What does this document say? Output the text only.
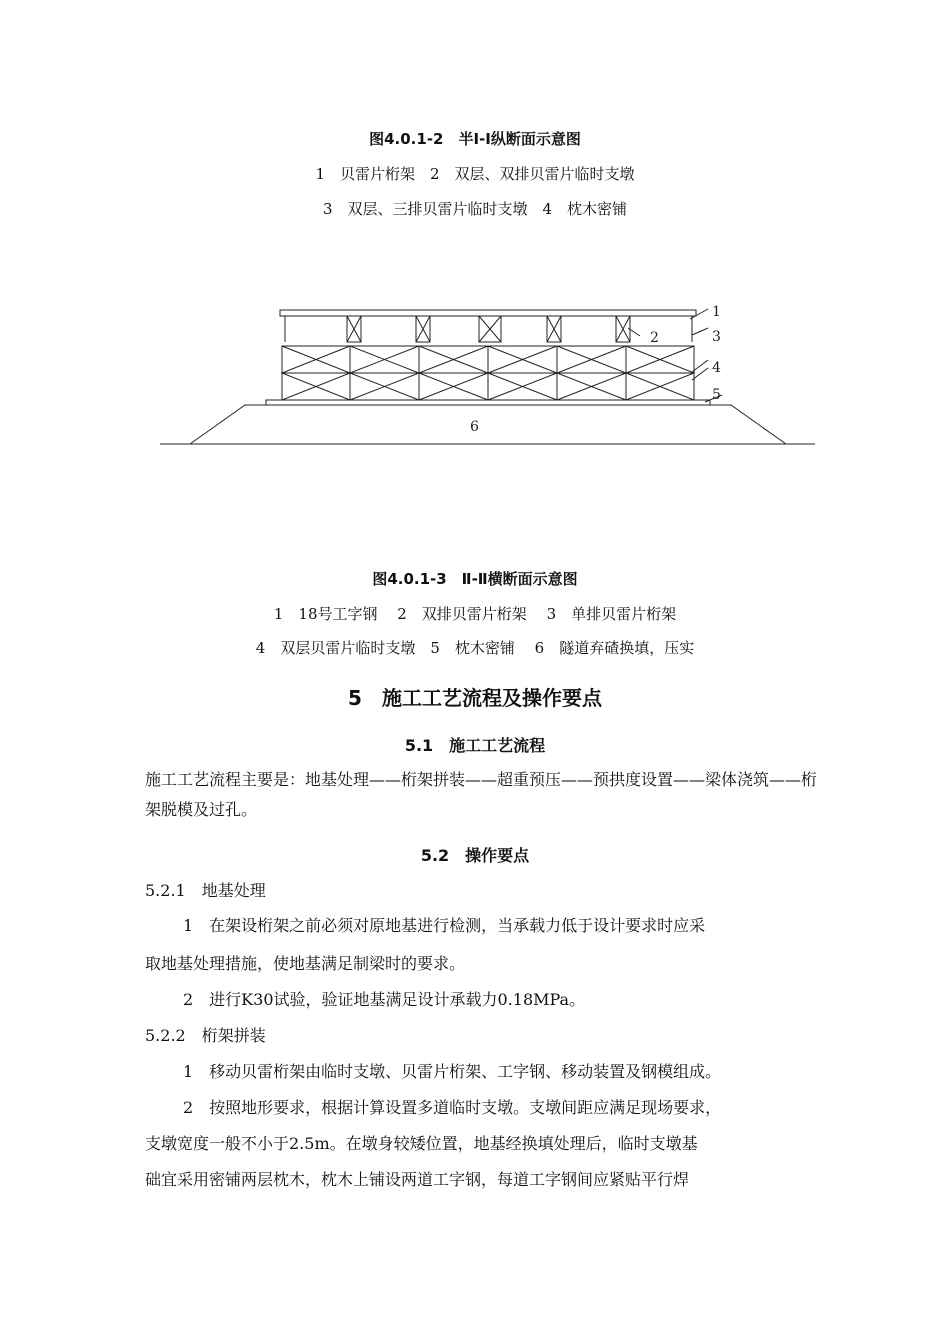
图4.0.1-2　半Ⅰ-Ⅰ纵断面示意图
1　贝雷片桁架　2　双层、双排贝雷片临时支墩
3　双层、三排贝雷片临时支墩　4　枕木密铺
1
2	3
4
5
6
图4.0.1-3　Ⅱ-Ⅱ横断面示意图
1　18号工字钢　 2　双排贝雷片桁架　 3　单排贝雷片桁架
4　双层贝雷片临时支墩　5　枕木密铺　 6　隧道弃碴换填，压实
5　施工工艺流程及操作要点
5.1　施工工艺流程
施工工艺流程主要是：地基处理——桁架拼装——超重预压——预拱度设置——梁体浇筑——桁架脱模及过孔。
5.2　操作要点
5.2.1　地基处理
1　在架设桁架之前必须对原地基进行检测，当承载力低于设计要求时应采
取地基处理措施，使地基满足制梁时的要求。
2　进行K30试验，验证地基满足设计承载力0.18MPa。
5.2.2　桁架拼装
1　移动贝雷桁架由临时支墩、贝雷片桁架、工字钢、移动装置及钢模组成。
2　按照地形要求，根据计算设置多道临时支墩。支墩间距应满足现场要求，
支墩宽度一般不小于2.5m。在墩身较矮位置，地基经换填处理后，临时支墩基
础宜采用密铺两层枕木，枕木上铺设两道工字钢，每道工字钢间应紧贴平行焊
